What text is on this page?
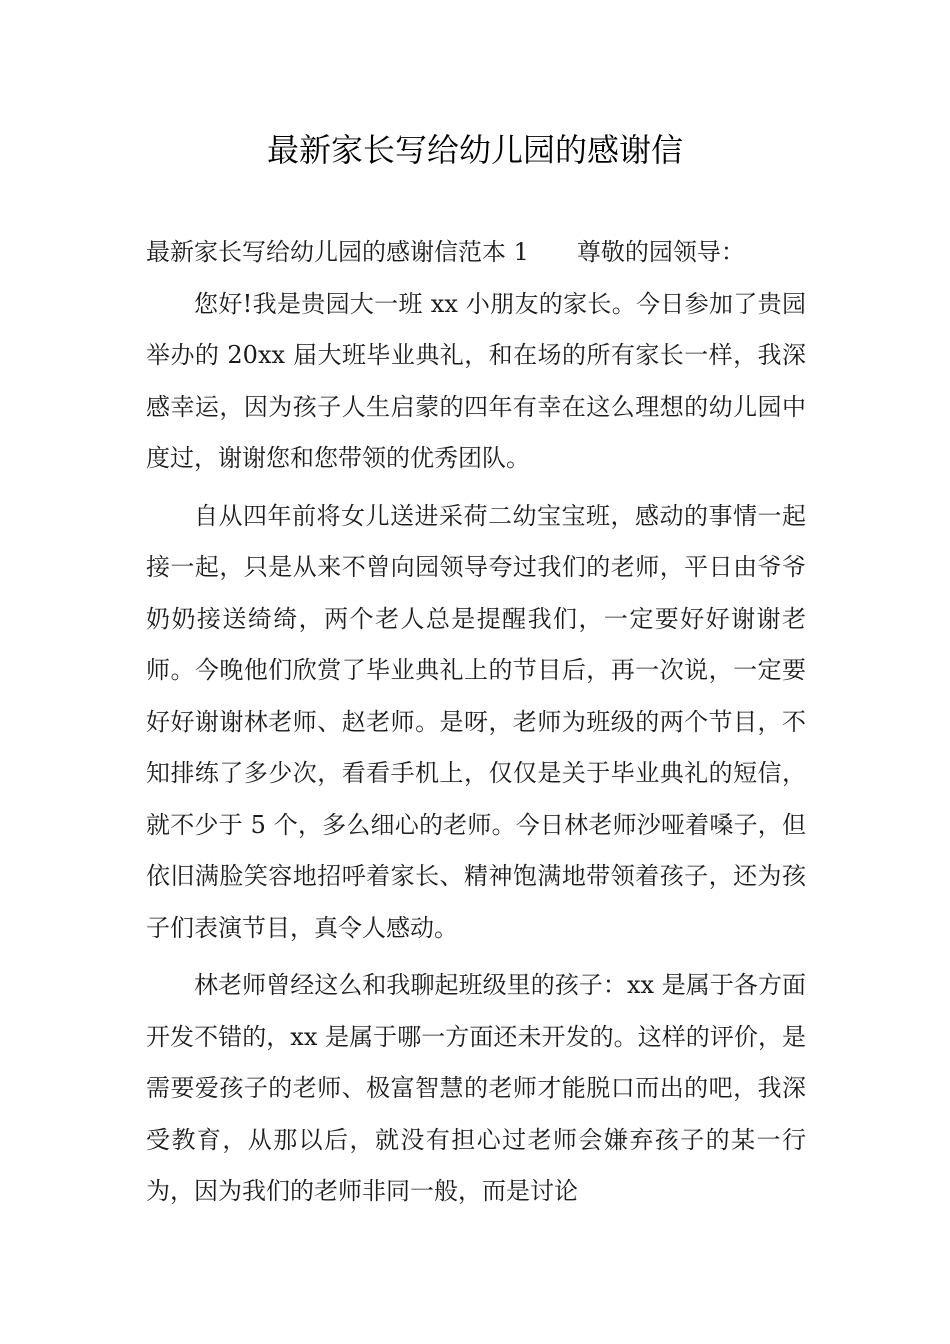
最新家长写给幼儿园的感谢信

最新家长写给幼儿园的感谢信范本 1 尊敬的园领导：

您好!我是贵园大一班 xx 小朋友的家长。今日参加了贵园举办的 20xx 届大班毕业典礼，和在场的所有家长一样，我深感幸运，因为孩子人生启蒙的四年有幸在这么理想的幼儿园中度过，谢谢您和您带领的优秀团队。

自从四年前将女儿送进采荷二幼宝宝班，感动的事情一起接一起，只是从来不曾向园领导夸过我们的老师，平日由爷爷奶奶接送绮绮，两个老人总是提醒我们，一定要好好谢谢老师。今晚他们欣赏了毕业典礼上的节目后，再一次说，一定要好好谢谢林老师、赵老师。是呀，老师为班级的两个节目，不知排练了多少次，看看手机上，仅仅是关于毕业典礼的短信，就不少于 5 个，多么细心的老师。今日林老师沙哑着嗓子，但依旧满脸笑容地招呼着家长、精神饱满地带领着孩子，还为孩子们表演节目，真令人感动。

林老师曾经这么和我聊起班级里的孩子：xx 是属于各方面开发不错的，xx 是属于哪一方面还未开发的。这样的评价，是需要爱孩子的老师、极富智慧的老师才能脱口而出的吧，我深受教育，从那以后，就没有担心过老师会嫌弃孩子的某一行为，因为我们的老师非同一般，而是讨论
